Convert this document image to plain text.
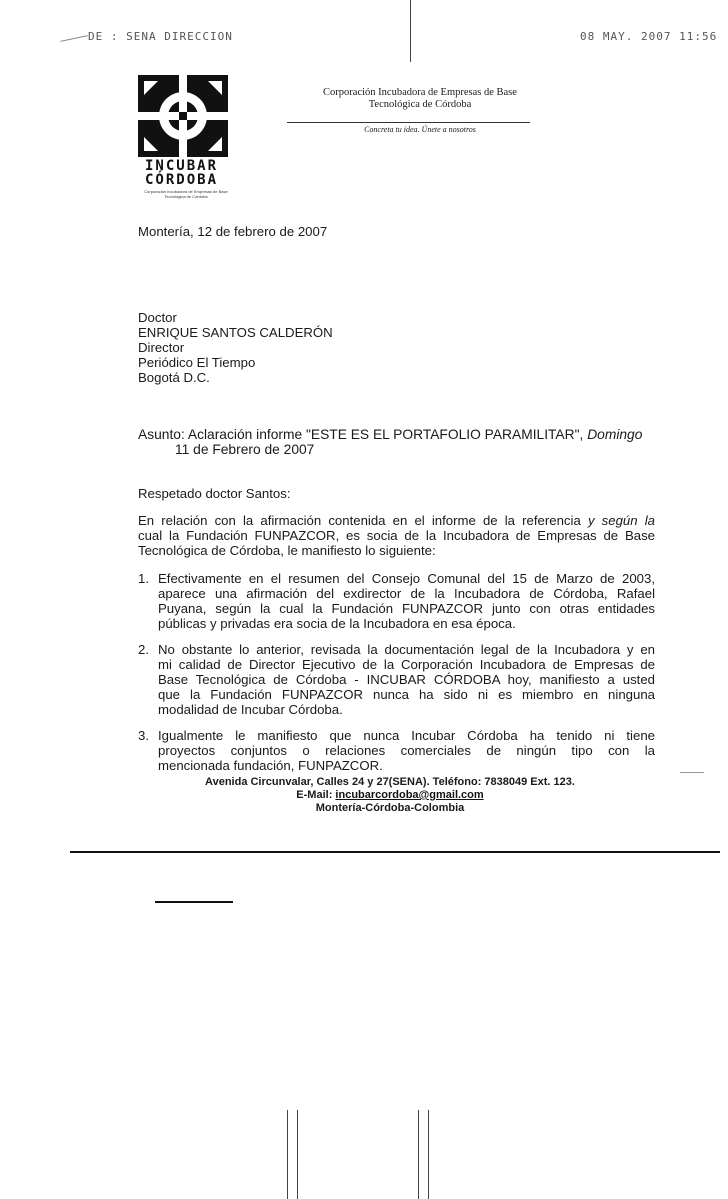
DE : SENA DIRECCION	08 MAY. 2007 11:56
INCUBAR
CÓRDOBA
Corporación Incubadora de Empresas de Base Tecnológica de Córdoba
Corporación Incubadora de Empresas de Base
Tecnológica de Córdoba
Concreta tu idea. Únete a nosotros
Montería, 12 de febrero de 2007
Doctor
ENRIQUE SANTOS CALDERÓN
Director
Periódico El Tiempo
Bogotá D.C.
Asunto: Aclaración informe "ESTE ES EL PORTAFOLIO PARAMILITAR", Domingo
11 de Febrero de 2007
Respetado doctor Santos:
En relación con la afirmación contenida en el informe de la referencia y según la
cual la Fundación FUNPAZCOR, es socia de la Incubadora de Empresas de Base
Tecnológica de Córdoba, le manifiesto lo siguiente:
1. Efectivamente en el resumen del Consejo Comunal del 15 de Marzo de 2003,
aparece una afirmación del exdirector de la Incubadora de Córdoba, Rafael
Puyana, según la cual la Fundación FUNPAZCOR junto con otras entidades
públicas y privadas era socia de la Incubadora en esa época.
2. No obstante lo anterior, revisada la documentación legal de la Incubadora y en
mi calidad de Director Ejecutivo de la Corporación Incubadora de Empresas de
Base Tecnológica de Córdoba - INCUBAR CÓRDOBA hoy, manifiesto a usted
que la Fundación FUNPAZCOR nunca ha sido ni es miembro en ninguna
modalidad de Incubar Córdoba.
3. Igualmente le manifiesto que nunca Incubar Córdoba ha tenido ni tiene
proyectos conjuntos o relaciones comerciales de ningún tipo con la
mencionada fundación, FUNPAZCOR.
Avenida Circunvalar, Calles 24 y 27(SENA). Teléfono: 7838049 Ext. 123.
E-Mail: incubarcordoba@gmail.com
Montería-Córdoba-Colombia
